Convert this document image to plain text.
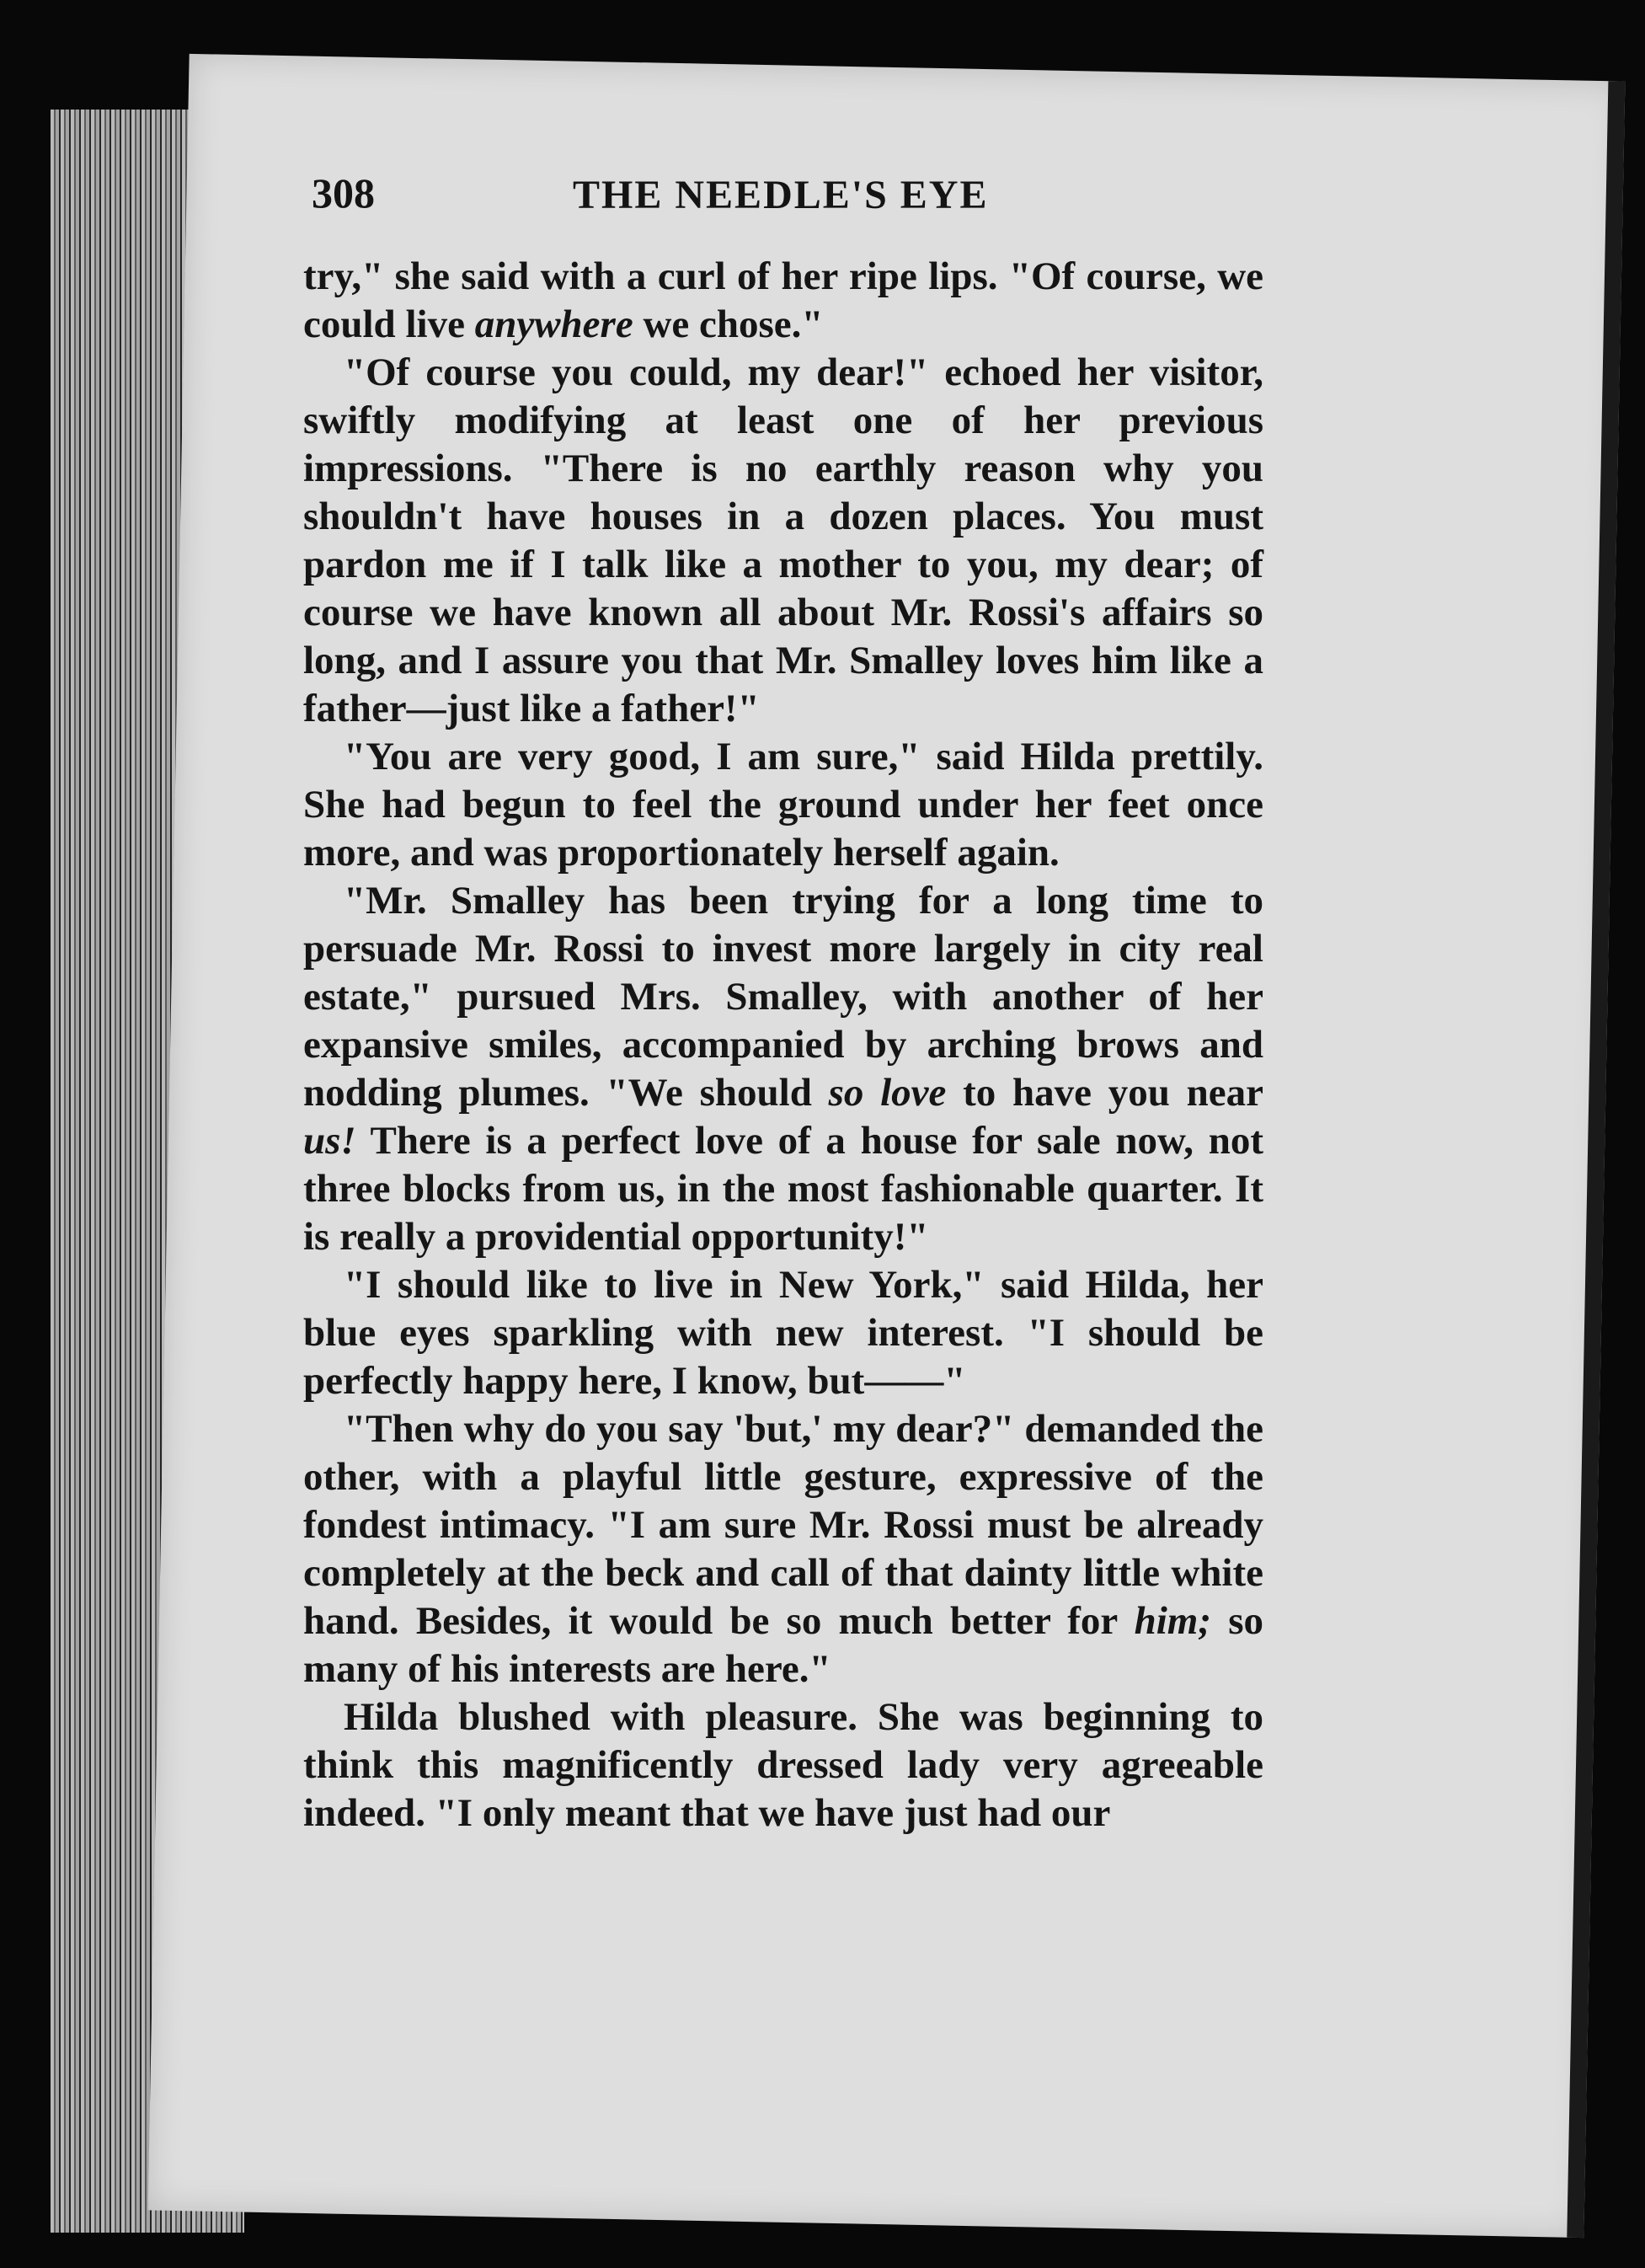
308	THE NEEDLE'S EYE

try," she said with a curl of her ripe lips. "Of course, we could live anywhere we chose."

"Of course you could, my dear!" echoed her visitor, swiftly modifying at least one of her previous impressions. "There is no earthly reason why you shouldn't have houses in a dozen places. You must pardon me if I talk like a mother to you, my dear; of course we have known all about Mr. Rossi's affairs so long, and I assure you that Mr. Smalley loves him like a father—just like a father!"

"You are very good, I am sure," said Hilda prettily. She had begun to feel the ground under her feet once more, and was proportionately herself again.

"Mr. Smalley has been trying for a long time to persuade Mr. Rossi to invest more largely in city real estate," pursued Mrs. Smalley, with another of her expansive smiles, accompanied by arching brows and nodding plumes. "We should so love to have you near us! There is a perfect love of a house for sale now, not three blocks from us, in the most fashionable quarter. It is really a providential opportunity!"

"I should like to live in New York," said Hilda, her blue eyes sparkling with new interest. "I should be perfectly happy here, I know, but——"

"Then why do you say 'but,' my dear?" demanded the other, with a playful little gesture, expressive of the fondest intimacy. "I am sure Mr. Rossi must be already completely at the beck and call of that dainty little white hand. Besides, it would be so much better for him; so many of his interests are here."

Hilda blushed with pleasure. She was beginning to think this magnificently dressed lady very agreeable indeed. "I only meant that we have just had our
